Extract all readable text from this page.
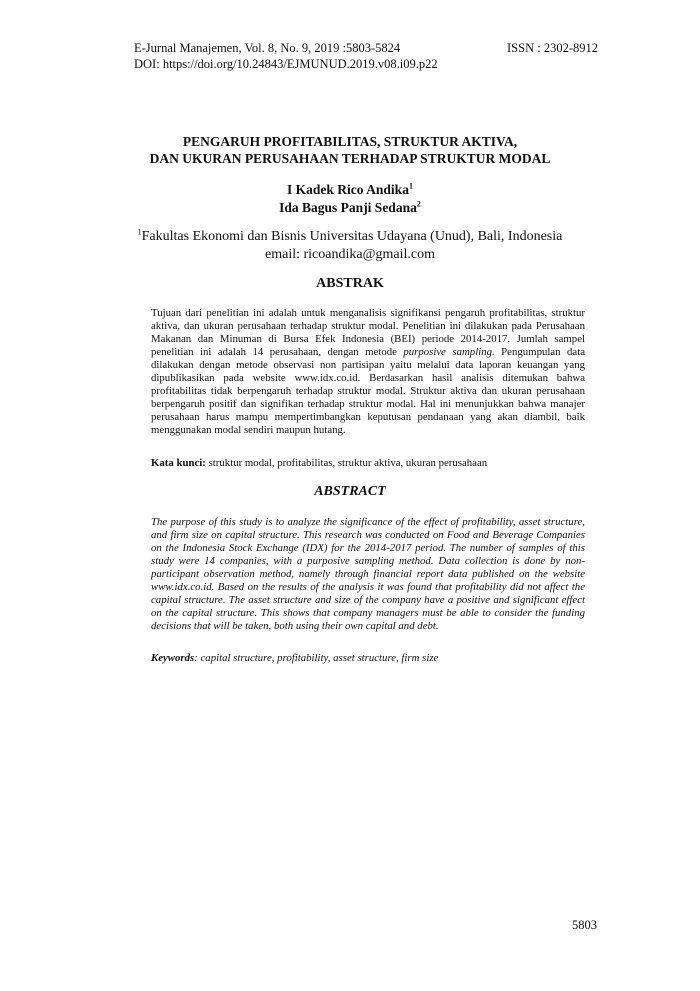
E-Jurnal Manajemen, Vol. 8, No. 9, 2019 :5803-5824	ISSN : 2302-8912
DOI: https://doi.org/10.24843/EJMUNUD.2019.v08.i09.p22
PENGARUH PROFITABILITAS, STRUKTUR AKTIVA,
DAN UKURAN PERUSAHAAN TERHADAP STRUKTUR MODAL
I Kadek Rico Andika$^1$
Ida Bagus Panji Sedana$^2$
$^1$Fakultas Ekonomi dan Bisnis Universitas Udayana (Unud), Bali, Indonesia
email: ricoandika@gmail.com
ABSTRAK
Tujuan dari penelitian ini adalah untuk menganalisis signifikansi pengaruh profitabilitas, struktur aktiva, dan ukuran perusahaan terhadap struktur modal. Penelitian ini dilakukan pada Perusahaan Makanan dan Minuman di Bursa Efek Indonesia (BEI) periode 2014-2017. Jumlah sampel penelitian ini adalah 14 perusahaan, dengan metode purposive sampling. Pengumpulan data dilakukan dengan metode observasi non partisipan yaitu melalui data laporan keuangan yang dipublikasikan pada website www.idx.co.id. Berdasarkan hasil analisis ditemukan bahwa profitabilitas tidak berpengaruh terhadap struktur modal. Struktur aktiva dan ukuran perusahaan berpengaruh positif dan signifikan terhadap struktur modal. Hal ini menunjukkan bahwa manajer perusahaan harus mampu mempertimbangkan keputusan pendanaan yang akan diambil, baik menggunakan modal sendiri maupun hutang.
Kata kunci: struktur modal, profitabilitas, struktur aktiva, ukuran perusahaan
ABSTRACT
The purpose of this study is to analyze the significance of the effect of profitability, asset structure, and firm size on capital structure. This research was conducted on Food and Beverage Companies on the Indonesia Stock Exchange (IDX) for the 2014-2017 period. The number of samples of this study were 14 companies, with a purposive sampling method. Data collection is done by non-participant observation method, namely through financial report data published on the website www.idx.co.id. Based on the results of the analysis it was found that profitability did not affect the capital structure. The asset structure and size of the company have a positive and significant effect on the capital structure. This shows that company managers must be able to consider the funding decisions that will be taken, both using their own capital and debt.
Keywords: capital structure, profitability, asset structure, firm size
5803
